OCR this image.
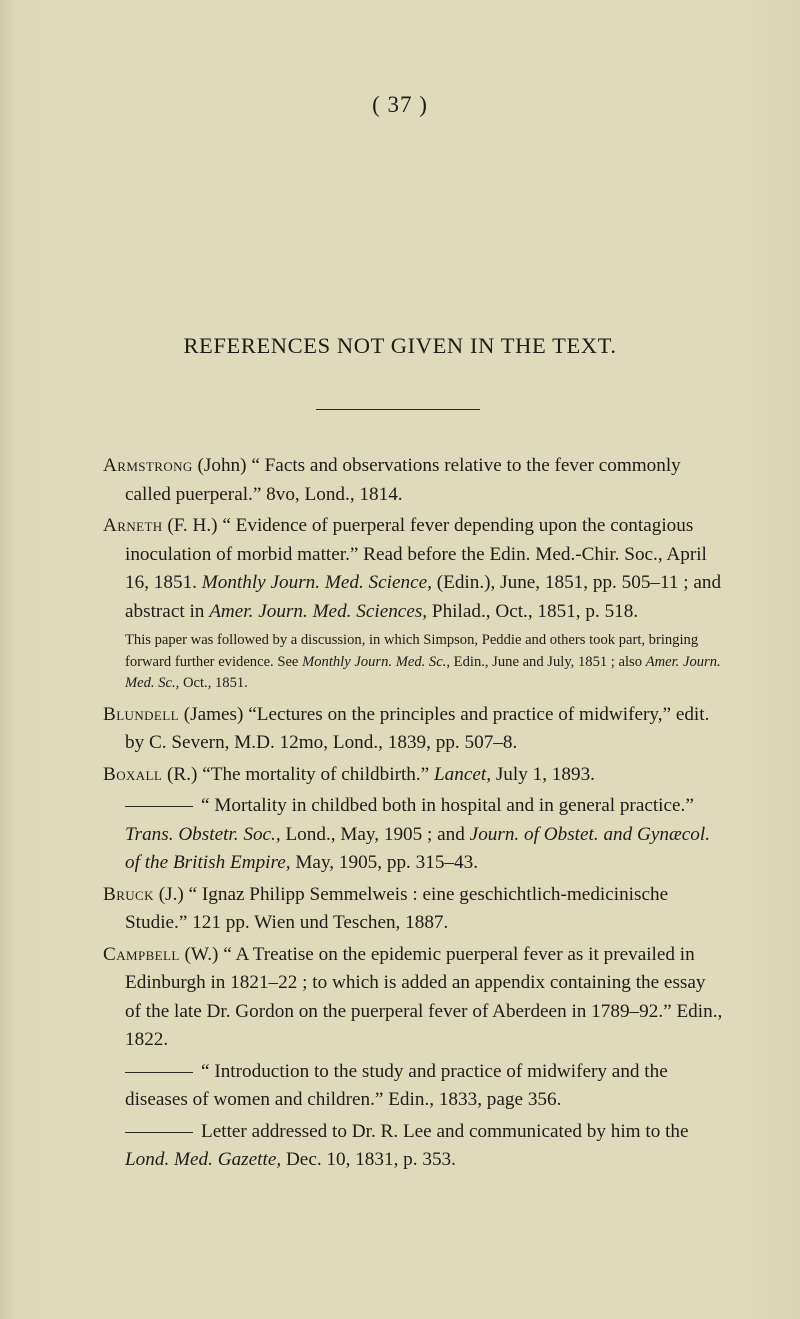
( 37 )
REFERENCES NOT GIVEN IN THE TEXT.

Armstrong (John) “ Facts and observations relative to the fever commonly called puerperal.” 8vo, Lond., 1814.

Arneth (F. H.) “ Evidence of puerperal fever depending upon the contagious inoculation of morbid matter.” Read before the Edin. Med.-Chir. Soc., April 16, 1851. Monthly Journ. Med. Science, (Edin.), June, 1851, pp. 505–11 ; and abstract in Amer. Journ. Med. Sciences, Philad., Oct., 1851, p. 518.

This paper was followed by a discussion, in which Simpson, Peddie and others took part, bringing forward further evidence. See Monthly Journ. Med. Sc., Edin., June and July, 1851 ; also Amer. Journ. Med. Sc., Oct., 1851.

Blundell (James) “Lectures on the principles and practice of midwifery,” edit. by C. Severn, M.D. 12mo, Lond., 1839, pp. 507–8.

Boxall (R.) “The mortality of childbirth.” Lancet, July 1, 1893.

“ Mortality in childbed both in hospital and in general practice.” Trans. Obstetr. Soc., Lond., May, 1905 ; and Journ. of Obstet. and Gynæcol. of the British Empire, May, 1905, pp. 315–43.

Bruck (J.) “ Ignaz Philipp Semmelweis : eine geschichtlich-medicinische Studie.” 121 pp. Wien und Teschen, 1887.

Campbell (W.) “ A Treatise on the epidemic puerperal fever as it prevailed in Edinburgh in 1821–22 ; to which is added an appendix containing the essay of the late Dr. Gordon on the puerperal fever of Aberdeen in 1789–92.” Edin., 1822.

“ Introduction to the study and practice of midwifery and the diseases of women and children.” Edin., 1833, page 356.

Letter addressed to Dr. R. Lee and communicated by him to the Lond. Med. Gazette, Dec. 10, 1831, p. 353.
